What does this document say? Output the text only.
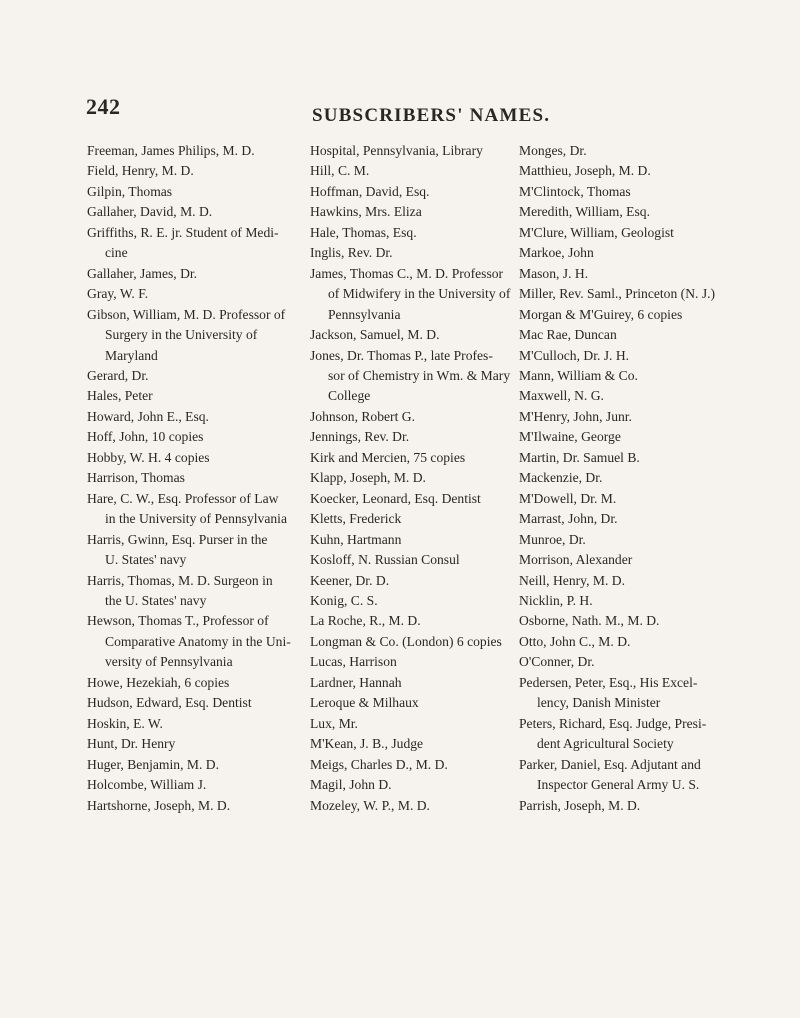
242	SUBSCRIBERS' NAMES.
Freeman, James Philips, M. D.
Field, Henry, M. D.
Gilpin, Thomas
Gallaher, David, M. D.
Griffiths, R. E. jr. Student of Medi-
cine
Gallaher, James, Dr.
Gray, W. F.
Gibson, William, M. D. Professor of
Surgery in the University of
Maryland
Gerard, Dr.
Hales, Peter
Howard, John E., Esq.
Hoff, John, 10 copies
Hobby, W. H. 4 copies
Harrison, Thomas
Hare, C. W., Esq. Professor of Law
in the University of Pennsylvania
Harris, Gwinn, Esq. Purser in the
U. States' navy
Harris, Thomas, M. D. Surgeon in
the U. States' navy
Hewson, Thomas T., Professor of
Comparative Anatomy in the Uni-
versity of Pennsylvania
Howe, Hezekiah, 6 copies
Hudson, Edward, Esq. Dentist
Hoskin, E. W.
Hunt, Dr. Henry
Huger, Benjamin, M. D.
Holcombe, William J.
Hartshorne, Joseph, M. D.
Hospital, Pennsylvania, Library
Hill, C. M.
Hoffman, David, Esq.
Hawkins, Mrs. Eliza
Hale, Thomas, Esq.
Inglis, Rev. Dr.
James, Thomas C., M. D. Professor
of Midwifery in the University of
Pennsylvania
Jackson, Samuel, M. D.
Jones, Dr. Thomas P., late Profes-
sor of Chemistry in Wm. & Mary
College
Johnson, Robert G.
Jennings, Rev. Dr.
Kirk and Mercien, 75 copies
Klapp, Joseph, M. D.
Koecker, Leonard, Esq. Dentist
Kletts, Frederick
Kuhn, Hartmann
Kosloff, N. Russian Consul
Keener, Dr. D.
Konig, C. S.
La Roche, R., M. D.
Longman & Co. (London) 6 copies
Lucas, Harrison
Lardner, Hannah
Leroque & Milhaux
Lux, Mr.
M'Kean, J. B., Judge
Meigs, Charles D., M. D.
Magil, John D.
Mozeley, W. P., M. D.
Monges, Dr.
Matthieu, Joseph, M. D.
M'Clintock, Thomas
Meredith, William, Esq.
M'Clure, William, Geologist
Markoe, John
Mason, J. H.
Miller, Rev. Saml., Princeton (N. J.)
Morgan & M'Guirey, 6 copies
Mac Rae, Duncan
M'Culloch, Dr. J. H.
Mann, William & Co.
Maxwell, N. G.
M'Henry, John, Junr.
M'Ilwaine, George
Martin, Dr. Samuel B.
Mackenzie, Dr.
M'Dowell, Dr. M.
Marrast, John, Dr.
Munroe, Dr.
Morrison, Alexander
Neill, Henry, M. D.
Nicklin, P. H.
Osborne, Nath. M., M. D.
Otto, John C., M. D.
O'Conner, Dr.
Pedersen, Peter, Esq., His Excel-
lency, Danish Minister
Peters, Richard, Esq. Judge, Presi-
dent Agricultural Society
Parker, Daniel, Esq. Adjutant and
Inspector General Army U. S.
Parrish, Joseph, M. D.
